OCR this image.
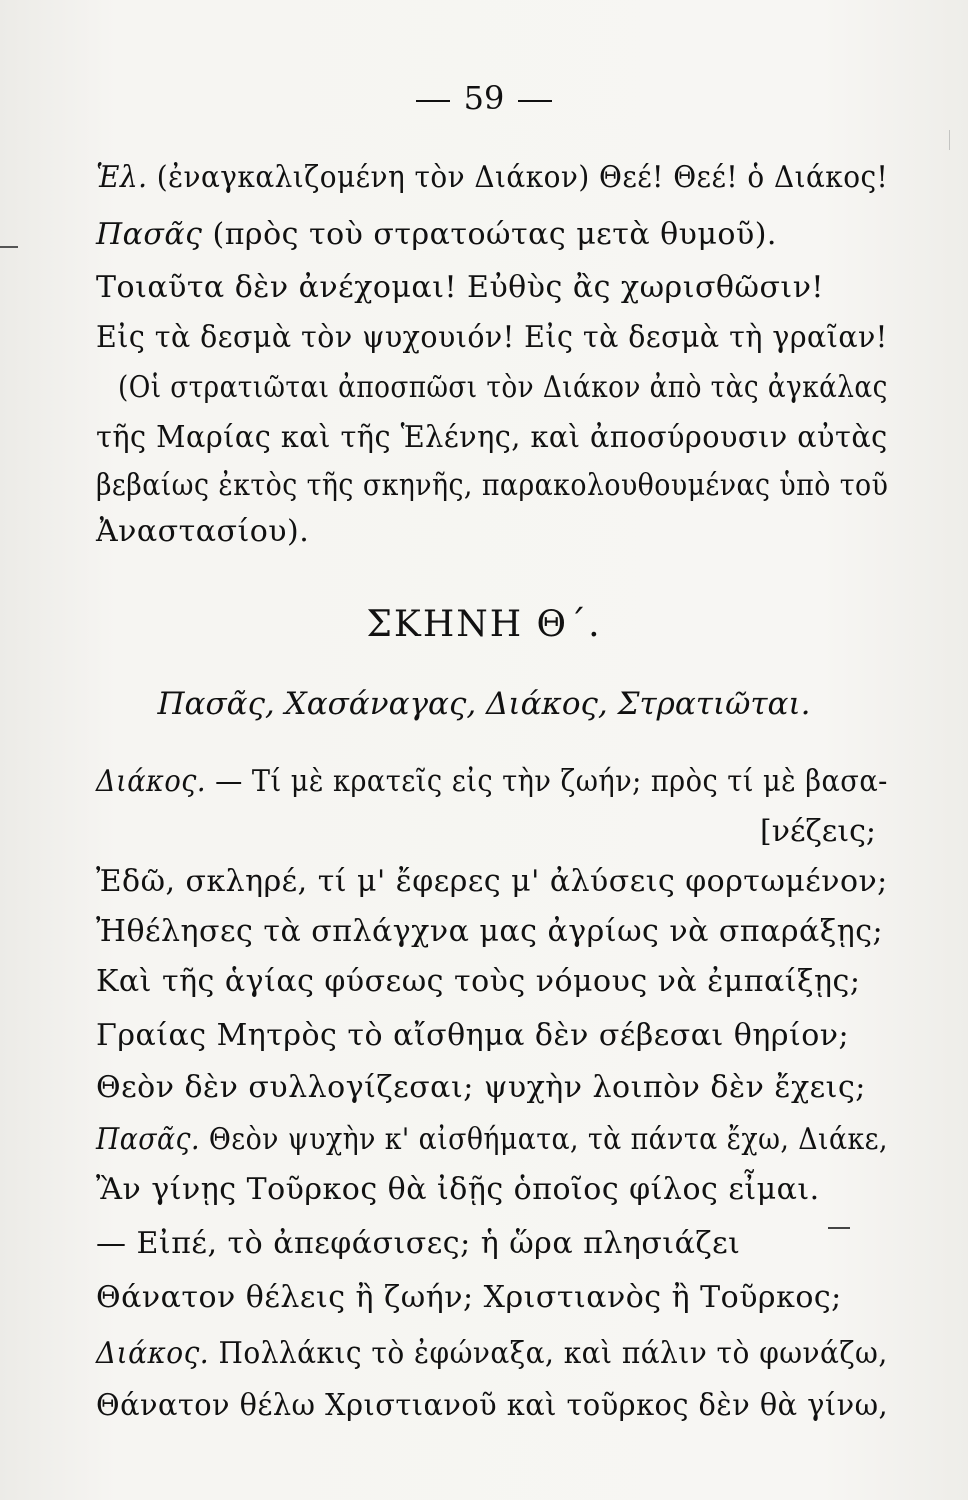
59
Ἑλ. (ἐναγκαλιζομένη τὸν Διάκον) Θεέ! Θεέ! ὁ Διάκος!
Πασᾶς (πρὸς τοὺ στρατοώτας μετὰ θυμοῦ).
Τοιαῦτα δὲν ἀνέχομαι! Εὐθὺς ἂς χωρισθῶσιν!
Εἰς τὰ δεσμὰ τὸν ψυχουιόν! Εἰς τὰ δεσμὰ τὴ γραῖαν!
(Οἱ στρατιῶται ἀποσπῶσι τὸν Διάκον ἀπὸ τὰς ἀγκάλας
τῆς Μαρίας καὶ τῆς Ἑλένης, καὶ ἀποσύρουσιν αὐτὰς
βεβαίως ἐκτὸς τῆς σκηνῆς, παρακολουθουμένας ὑπὸ τοῦ
Ἀναστασίου).
ΣΚΗΝΗ Θ΄.
Πασᾶς, Χασάναγας, Διάκος, Στρατιῶται.
Διάκος. — Τί μὲ κρατεῖς εἰς τὴν ζωήν; πρὸς τί μὲ βασα-
[νέζεις;
Ἐδῶ, σκληρέ, τί μ' ἔφερες μ' ἀλύσεις φορτωμένον;
Ἠθέλησες τὰ σπλάγχνα μας ἀγρίως νὰ σπαράξῃς;
Καὶ τῆς ἁγίας φύσεως τοὺς νόμους νὰ ἐμπαίξῃς;
Γραίας Μητρὸς τὸ αἴσθημα δὲν σέβεσαι θηρίον;
Θεὸν δὲν συλλογίζεσαι; ψυχὴν λοιπὸν δὲν ἔχεις;
Πασᾶς. Θεὸν ψυχὴν κ' αἰσθήματα, τὰ πάντα ἔχω, Διάκε,
Ἂν γίνῃς Τοῦρκος θὰ ἰδῇς ὁποῖος φίλος εἶμαι.
— Εἰπέ, τὸ ἀπεφάσισες; ἡ ὥρα πλησιάζει
Θάνατον θέλεις ἢ ζωήν; Χριστιανὸς ἢ Τοῦρκος;
Διάκος. Πολλάκις τὸ ἐφώναξα, καὶ πάλιν τὸ φωνάζω,
Θάνατον θέλω Χριστιανοῦ καὶ τοῦρκος δὲν θὰ γίνω,
